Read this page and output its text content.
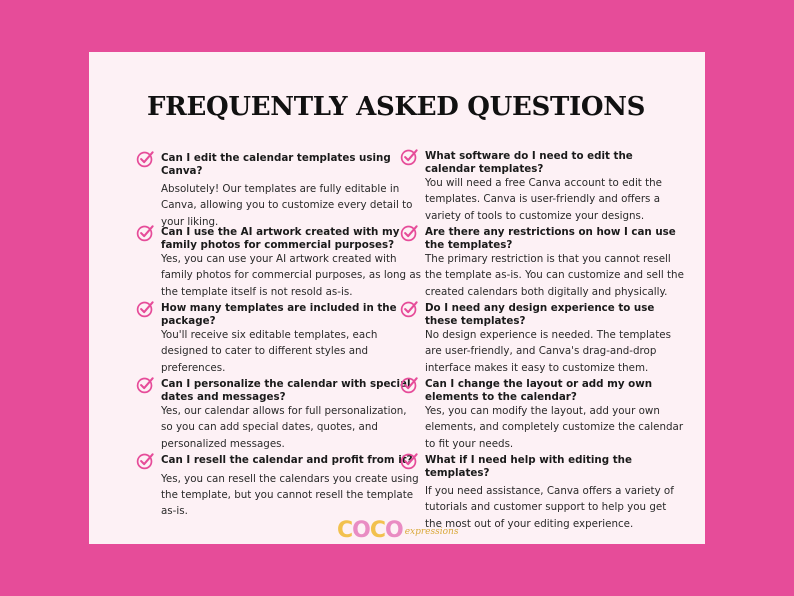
FREQUENTLY ASKED QUESTIONS

Can I edit the calendar templates using Canva?

Absolutely! Our templates are fully editable in Canva, allowing you to customize every detail to your liking.

Can I use the AI artwork created with my family photos for commercial purposes?

Yes, you can use your AI artwork created with family photos for commercial purposes, as long as the template itself is not resold as-is.

How many templates are included in the package?

You'll receive six editable templates, each designed to cater to different styles and preferences.

Can I personalize the calendar with special dates and messages?

Yes, our calendar allows for full personalization, so you can add special dates, quotes, and personalized messages.

Can I resell the calendar and profit from it?

Yes, you can resell the calendars you create using the template, but you cannot resell the template as-is.

What software do I need to edit the calendar templates?

You will need a free Canva account to edit the templates. Canva is user-friendly and offers a variety of tools to customize your designs.

Are there any restrictions on how I can use the templates?

The primary restriction is that you cannot resell the template as-is. You can customize and sell the created calendars both digitally and physically.

Do I need any design experience to use these templates?

No design experience is needed. The templates are user-friendly, and Canva's drag-and-drop interface makes it easy to customize them.

Can I change the layout or add my own elements to the calendar?

Yes, you can modify the layout, add your own elements, and completely customize the calendar to fit your needs.

What if I need help with editing the templates?

If you need assistance, Canva offers a variety of tutorials and customer support to help you get the most out of your editing experience.

COCO expressions
